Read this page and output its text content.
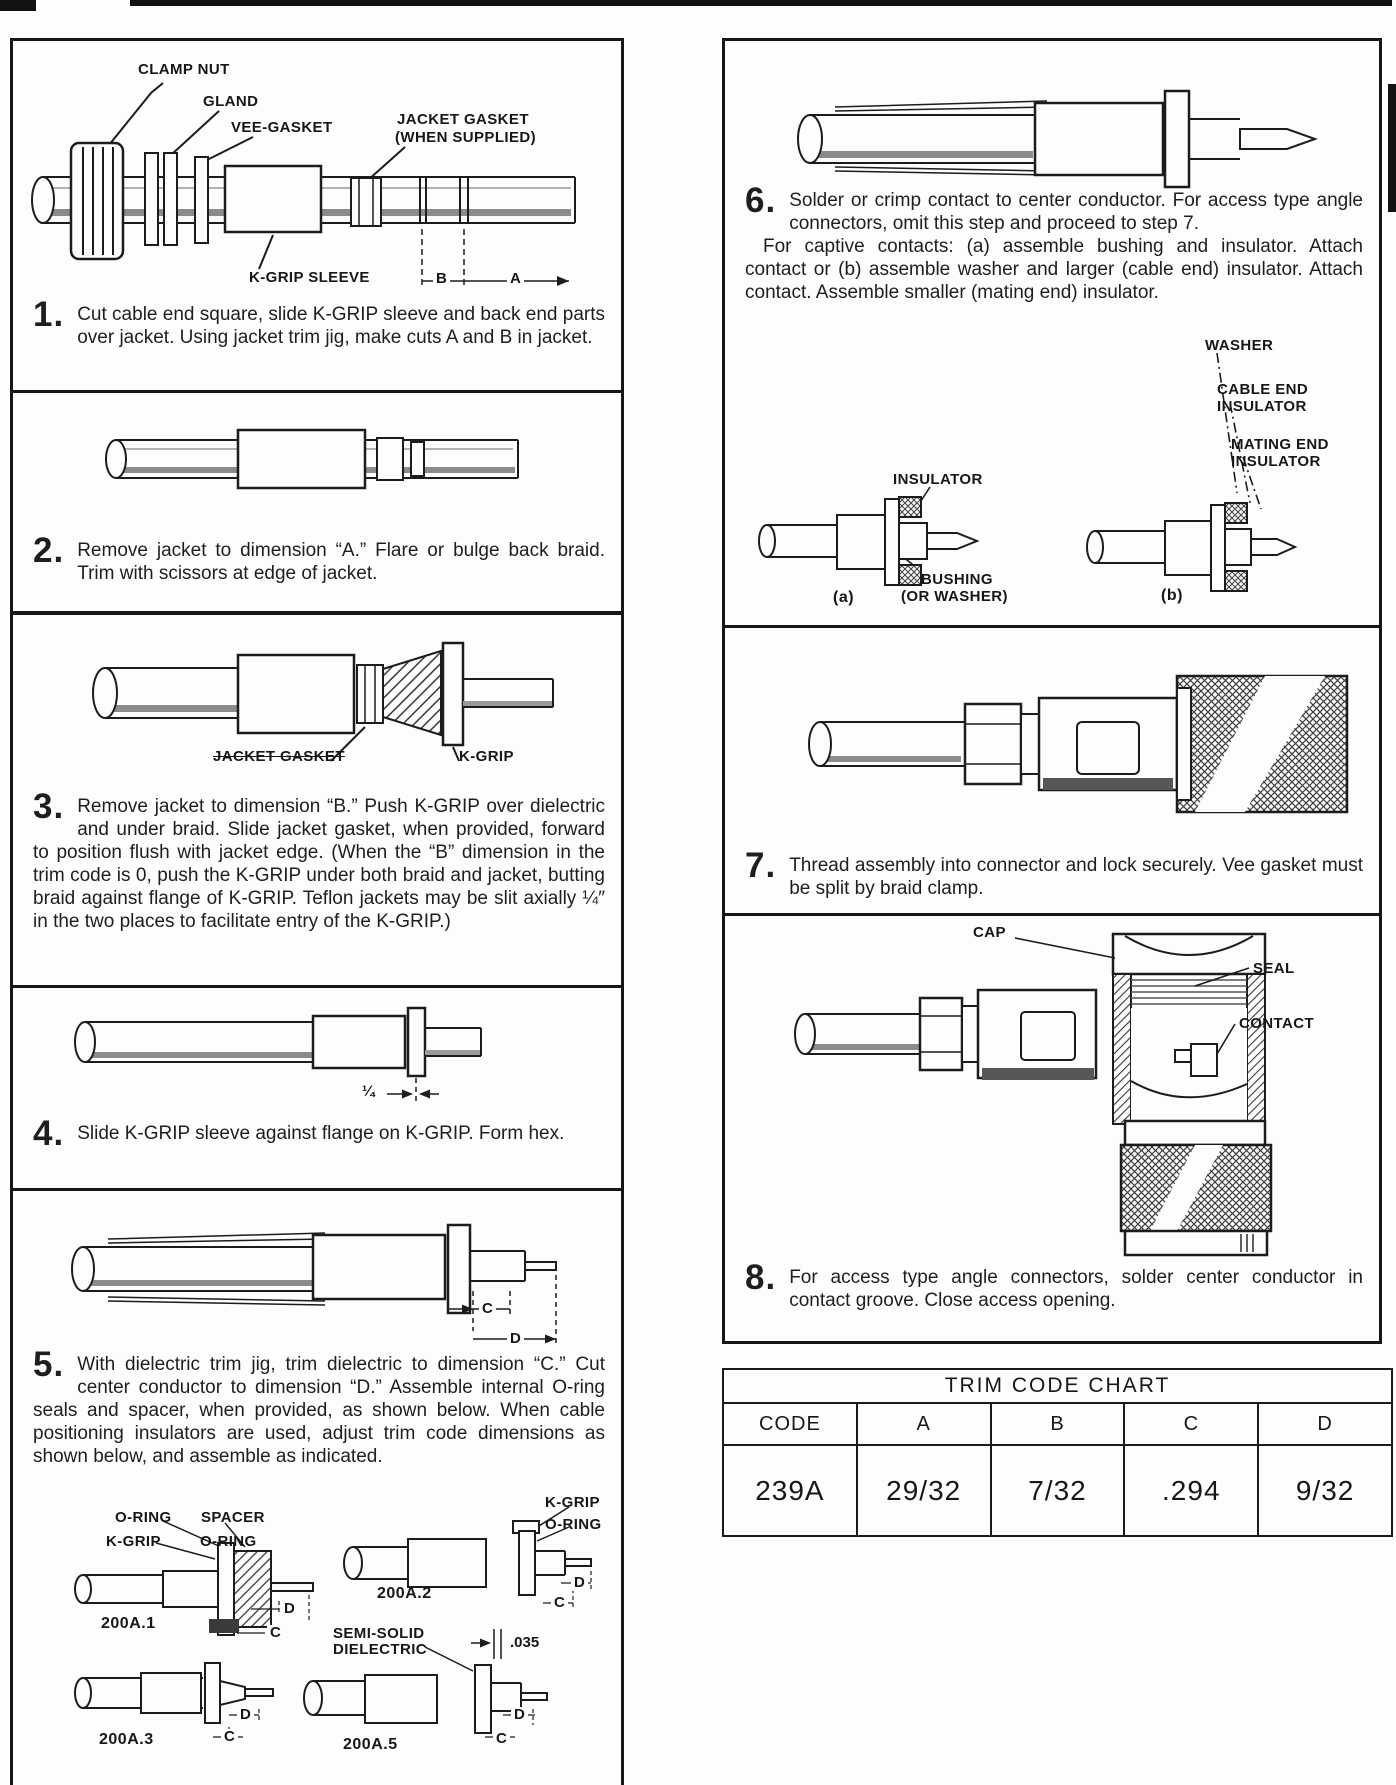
CLAMP NUT
GLAND
VEE-GASKET	JACKET GASKET
(WHEN SUPPLIED)
K-GRIP SLEEVE	B	A
1. Cut cable end square, slide K-GRIP sleeve and back end parts over jacket. Using jacket trim jig, make cuts A and B in jacket.

2. Remove jacket to dimension “A.” Flare or bulge back braid. Trim with scissors at edge of jacket.

JACKET GASKET	K-GRIP
3. Remove jacket to dimension “B.” Push K-GRIP over dielectric and under braid. Slide jacket gasket, when provided, forward to position flush with jacket edge. (When the “B” dimension in the trim code is 0, push the K-GRIP under both braid and jacket, butting braid against flange of K-GRIP. Teflon jackets may be slit axially ¼″ in the two places to facilitate entry of the K-GRIP.)

¼
4. Slide K-GRIP sleeve against flange on K-GRIP. Form hex.

5. With dielectric trim jig, trim dielectric to dimension “C.” Cut center conductor to dimension “D.” Assemble internal O-ring seals and spacer, when provided, as shown below. When cable positioning insulators are used, adjust trim code dimensions as shown below, and assemble as indicated.

C
D
O-RING SPACER
K-GRIP	O-RING
D
C
200A.1
K-GRIP
O-RING
D
C
200A.2
D
C
200A.3
SEMI-SOLID
DIELECTRIC	.035
D
C
200A.5
6. Solder or crimp contact to center conductor. For access type angle connectors, omit this step and proceed to step 7.

For captive contacts: (a) assemble bushing and insulator. Attach contact or (b) assemble washer and larger (cable end) insulator. Attach contact. Assemble smaller (mating end) insulator.

WASHER
CABLE END
INSULATOR
MATING END
INSULATOR
INSULATOR
BUSHING
(OR WASHER)
(a)	(b)
7. Thread assembly into connector and lock securely. Vee gasket must be split by braid clamp.

CAP
SEAL
CONTACT
8. For access type angle connectors, solder center conductor in contact groove. Close access opening.

TRIM CODE CHART				
CODE	A	B	C	D
239A	29/32	7/32	.294	9/32
